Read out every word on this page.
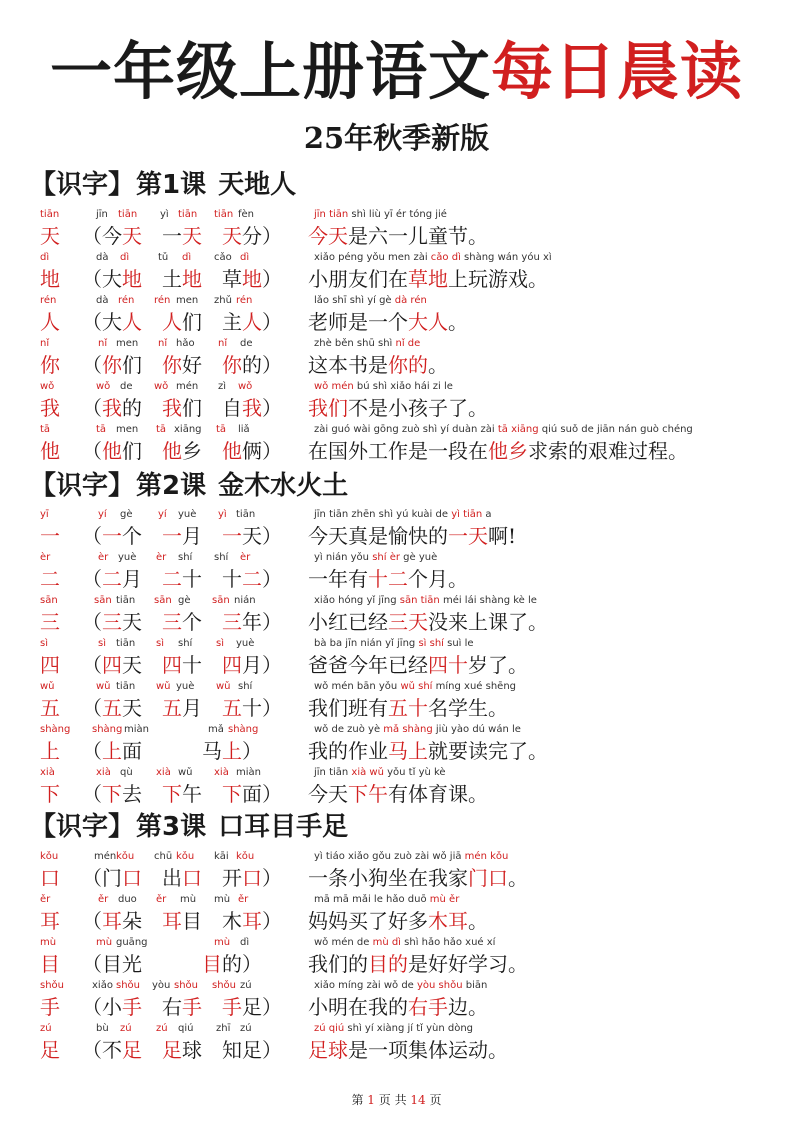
一年级上册语文每日晨读
25年秋季新版
【识字】第1课 天地人
tiān	jīn tiān yì tiān tiān fèn	jīn tiān shì liù yī ér tóng jié
天 （今天　 一天　 天分） 今天是六一儿童节。
dì	dà dì	tǔ dì cǎo dì	xiǎo péng yǒu men zài cǎo dì shàng wán yóu xì
地 （大地　 土地　 草地） 小朋友们在草地上玩游戏。
rén	dà rén rén men zhǔ rén	lǎo shī shì yí gè dà rén
人 （大人　 人们　 主人） 老师是一个大人。
nǐ	nǐ men nǐ hǎo nǐ de	zhè běn shū shì nǐ de
你 （你们　 你好　 你的） 这本书是你的。
wǒ	wǒ de wǒ mén zì wǒ	wǒ mén bú shì xiǎo hái zi le
我 （我的　 我们　 自我） 我们不是小孩子了。
tā	tā men tā xiāng tā liǎ	zài guó wài gōng zuò shì yí duàn zài tā xiāng qiú suǒ de jiān nán guò chéng
他 （他们　 他乡　 他俩） 在国外工作是一段在他乡求索的艰难过程。
【识字】第2课 金木水火土
yī	yí gè	yí yuè yì tiān	jīn tiān zhēn shì yú kuài de yì tiān a
一 （一个　 一月　 一天） 今天真是愉快的一天啊!
èr	èr yuè èr shí shí èr	yì nián yǒu shí èr gè yuè
二 （二月　 二十　 十二） 一年有十二个月。
sān	sān tiān sān gè sān nián	xiǎo hóng yǐ jīng sān tiān méi lái shàng kè le
三 （三天　 三个　 三年） 小红已经三天没来上课了。
sì	sì tiān sì shí sì yuè	bà ba jīn nián yǐ jīng sì shí suì le
四 （四天　 四十　 四月） 爸爸今年已经四十岁了。
wǔ	wǔ tiān wǔ yuè wǔ shí	wǒ mén bān yǒu wǔ shí míng xué shēng
五 （五天　 五月　 五十） 我们班有五十名学生。
shàng shàng miàn	mǎ shàng	wǒ de zuò yè mǎ shàng jiù yào dú wán le
上 （上面　　　	马上） 我的作业马上就要读完了。
xià	xià qù xià wǔ xià miàn	jīn tiān xià wǔ yǒu tǐ yù kè
下 （下去　 下午　 下面） 今天下午有体育课。
【识字】第3课 口耳目手足
kǒu	mén kǒu chū kǒu kāi kǒu	yì tiáo xiǎo gǒu zuò zài wǒ jiā mén kǒu
口 （门口　 出口　 开口） 一条小狗坐在我家门口。
ěr	ěr duo ěr mù mù ěr	mā mā mǎi le hǎo duō mù ěr
耳 （耳朵　 耳目　 木耳） 妈妈买了好多木耳。
mù	mù guāng	mù dì	wǒ mén de mù dì shì hǎo hǎo xué xí
目 （目光　　　	目的） 我们的目的是好好学习。
shǒu	xiǎo shǒu yòu shǒu shǒu zú	xiǎo míng zài wǒ de yòu shǒu biān
手 （小手　 右手　 手足） 小明在我的右手边。
zú	bù zú zú qiú zhī zú	zú qiú shì yí xiàng jí tǐ yùn dòng
足 （不足　 足球　 知足） 足球是一项集体运动。
第 1 页 共 14 页
